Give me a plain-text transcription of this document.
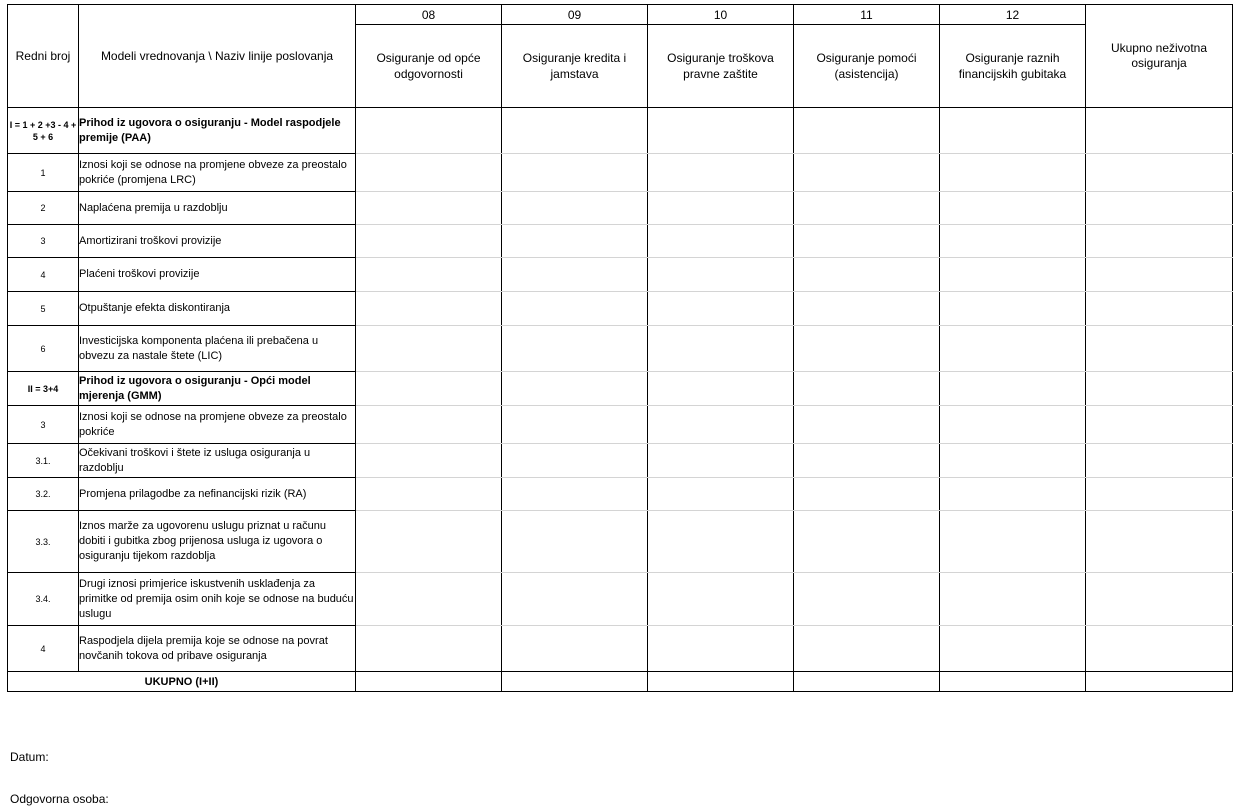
Redni broj	Modeli vrednovanja \ Naziv linije poslovanja	08	09	10	11	12	Ukupno neživotna osiguranja
		Osiguranje od opće odgovornosti	Osiguranje kredita i jamstava	Osiguranje troškova pravne zaštite	Osiguranje pomoći (asistencija)	Osiguranje raznih financijskih gubitaka	
I = 1 + 2 +3 - 4 + 5 + 6	Prihod iz ugovora o osiguranju - Model raspodjele premije (PAA)						
1	Iznosi koji se odnose na promjene obveze za preostalo pokriće (promjena LRC)						
2	Naplaćena premija u razdoblju						
3	Amortizirani troškovi provizije						
4	Plaćeni troškovi provizije						
5	Otpuštanje efekta diskontiranja						
6	Investicijska komponenta plaćena ili prebačena u obvezu za nastale štete (LIC)						
II = 3+4	Prihod iz ugovora o osiguranju - Opći model mjerenja (GMM)						
3	Iznosi koji se odnose na promjene obveze za preostalo pokriće						
3.1.	Očekivani troškovi i štete iz usluga osiguranja u razdoblju						
3.2.	Promjena prilagodbe za nefinancijski rizik (RA)						
3.3.	Iznos marže za ugovorenu uslugu priznat u računu dobiti i gubitka zbog prijenosa usluga iz ugovora o osiguranju tijekom razdoblja						
3.4.	Drugi iznosi primjerice iskustvenih usklađenja za primitke od premija osim onih koje se odnose na buduću uslugu						
4	Raspodjela dijela premija koje se odnose na povrat novčanih tokova od pribave osiguranja						
UKUPNO (I+II)							
Datum:
Odgovorna osoba:
